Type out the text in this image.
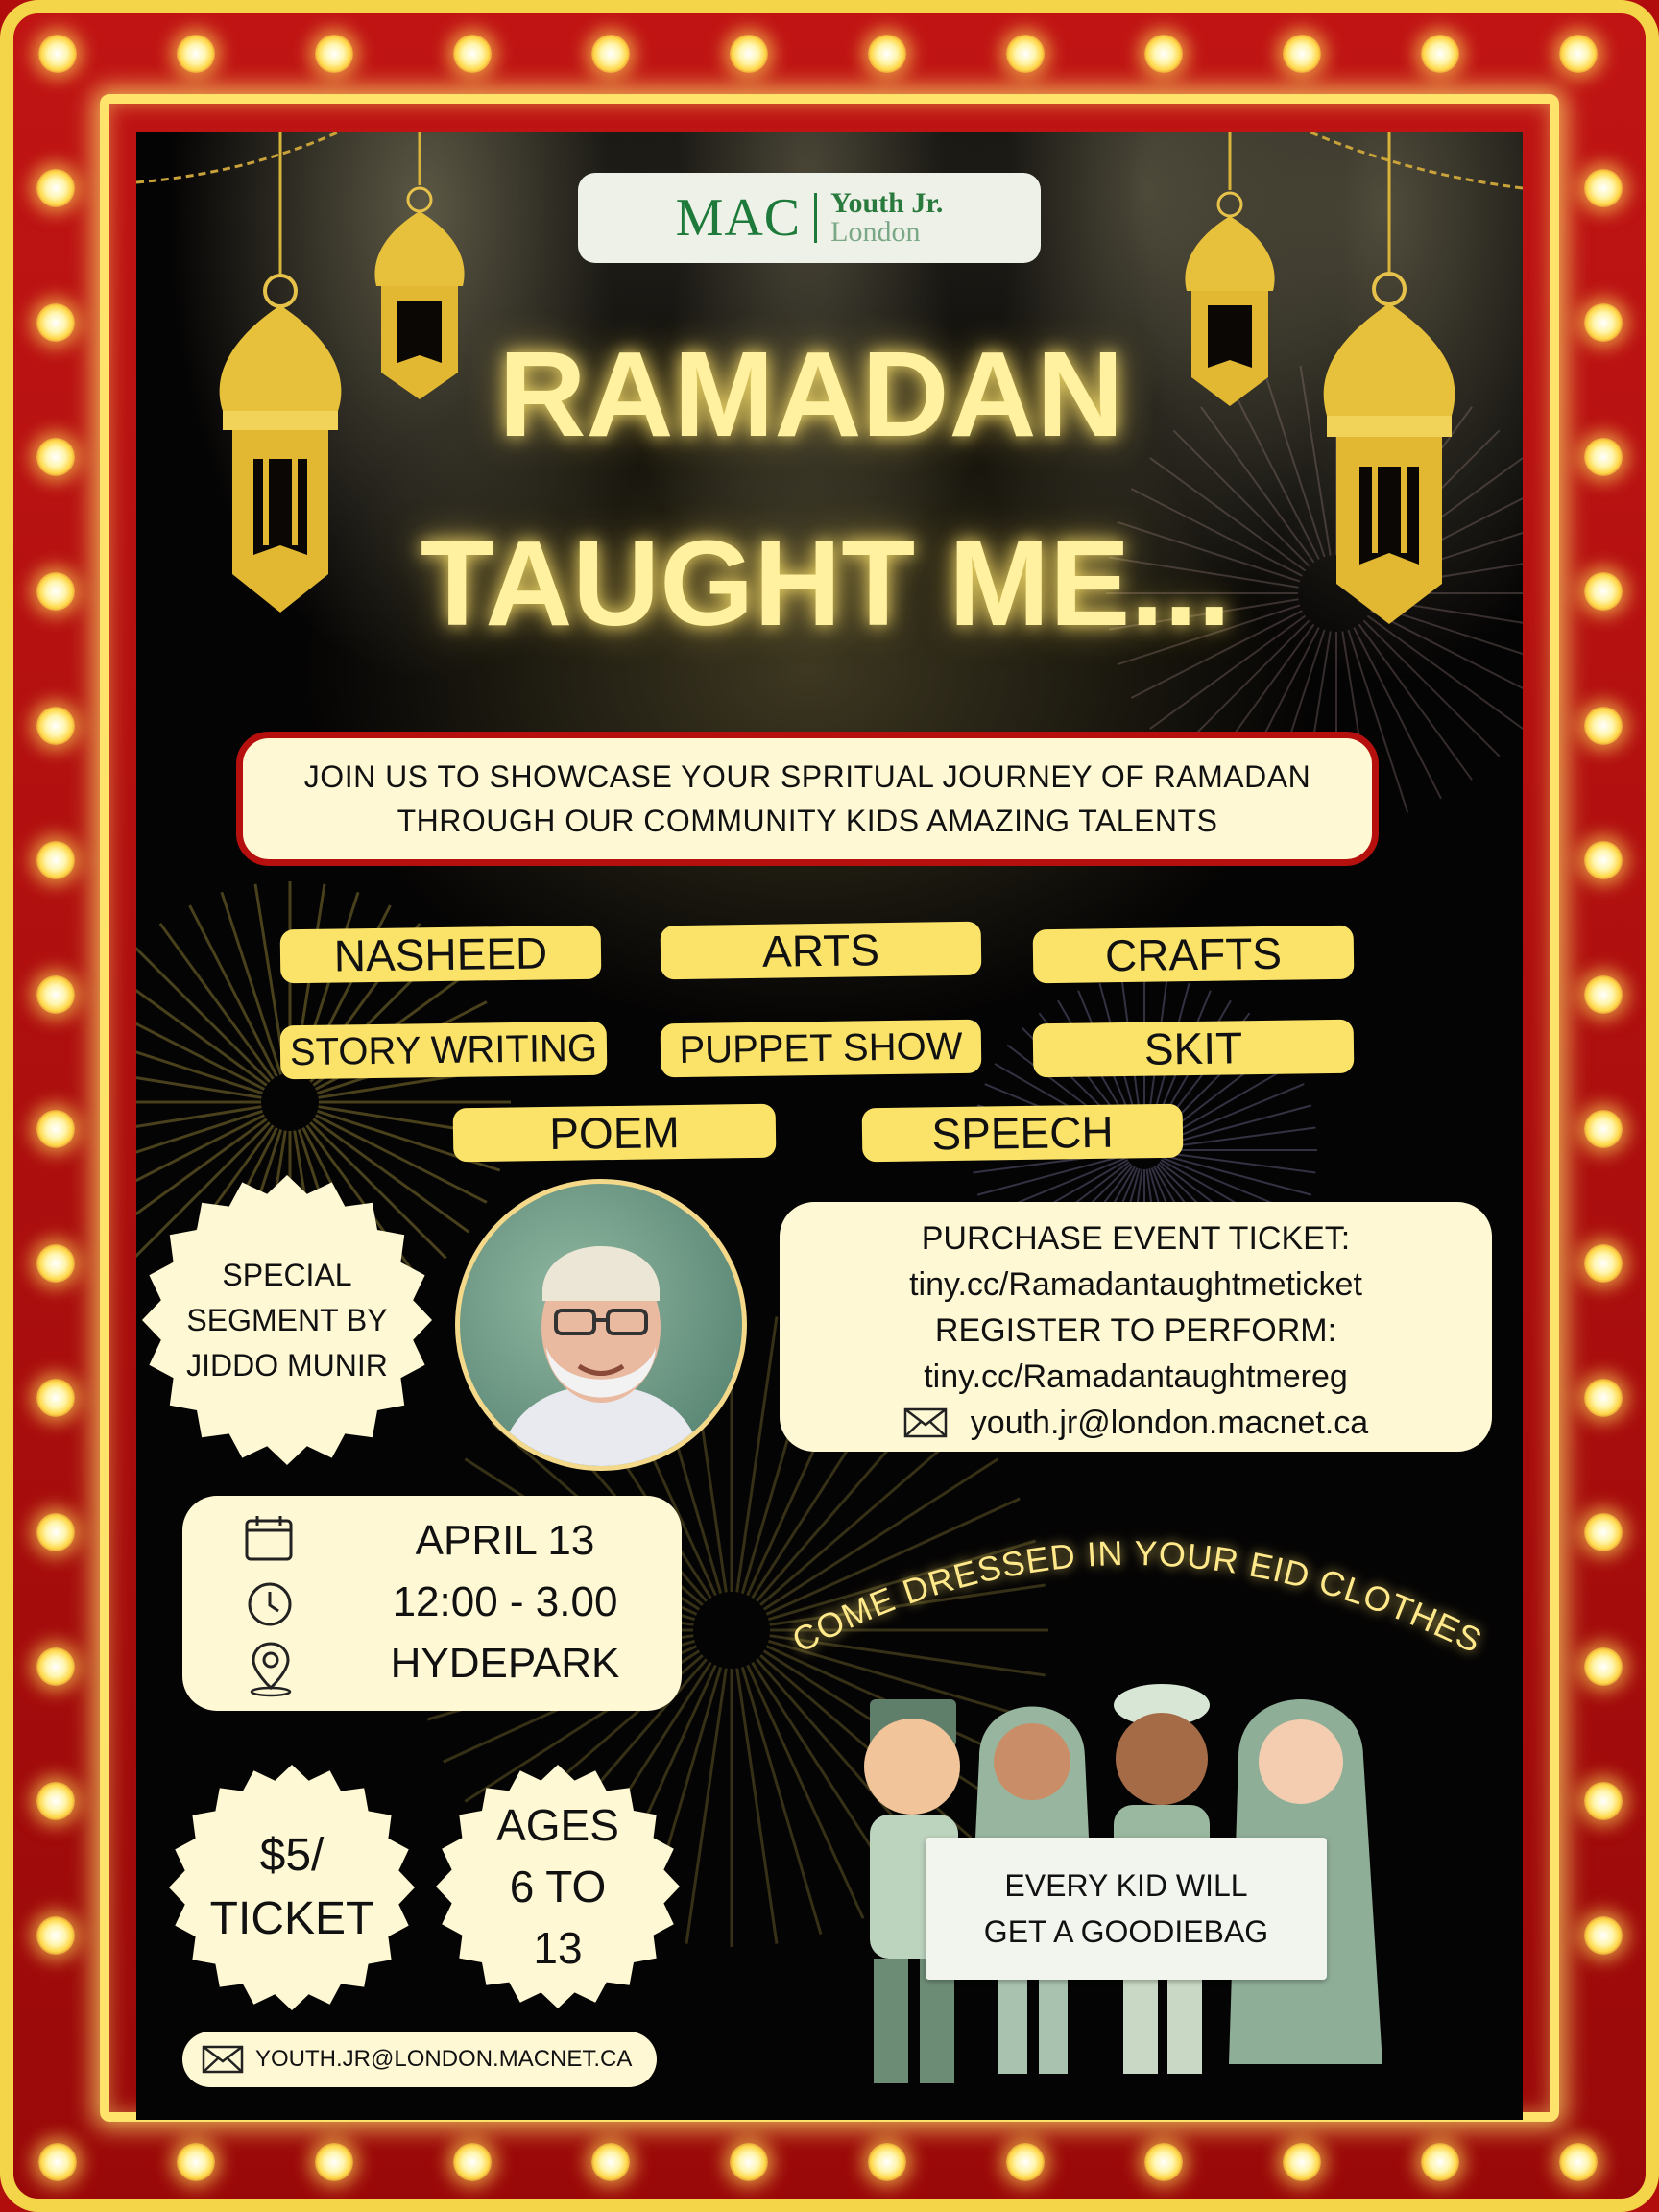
MAC Youth Jr.
London
RAMADAN
TAUGHT ME...
JOIN US TO SHOWCASE YOUR SPRITUAL JOURNEY OF RAMADAN
THROUGH OUR COMMUNITY KIDS AMAZING TALENTS
NASHEED	ARTS	CRAFTS
STORY WRITING	PUPPET SHOW	SKIT
POEM	SPEECH
SPECIAL
SEGMENT BY
JIDDO MUNIR
PURCHASE EVENT TICKET:
tiny.cc/Ramadantaughtmeticket
REGISTER TO PERFORM:
tiny.cc/Ramadantaughtmereg
youth.jr@london.macnet.ca
APRIL 13
12:00 - 3.00
HYDEPARK
$5/
TICKET
AGES
6 TO
13
YOUTH.JR@LONDON.MACNET.CA
COME DRESSED IN YOUR EID CLOTHES
EVERY KID WILL
GET A GOODIEBAG
